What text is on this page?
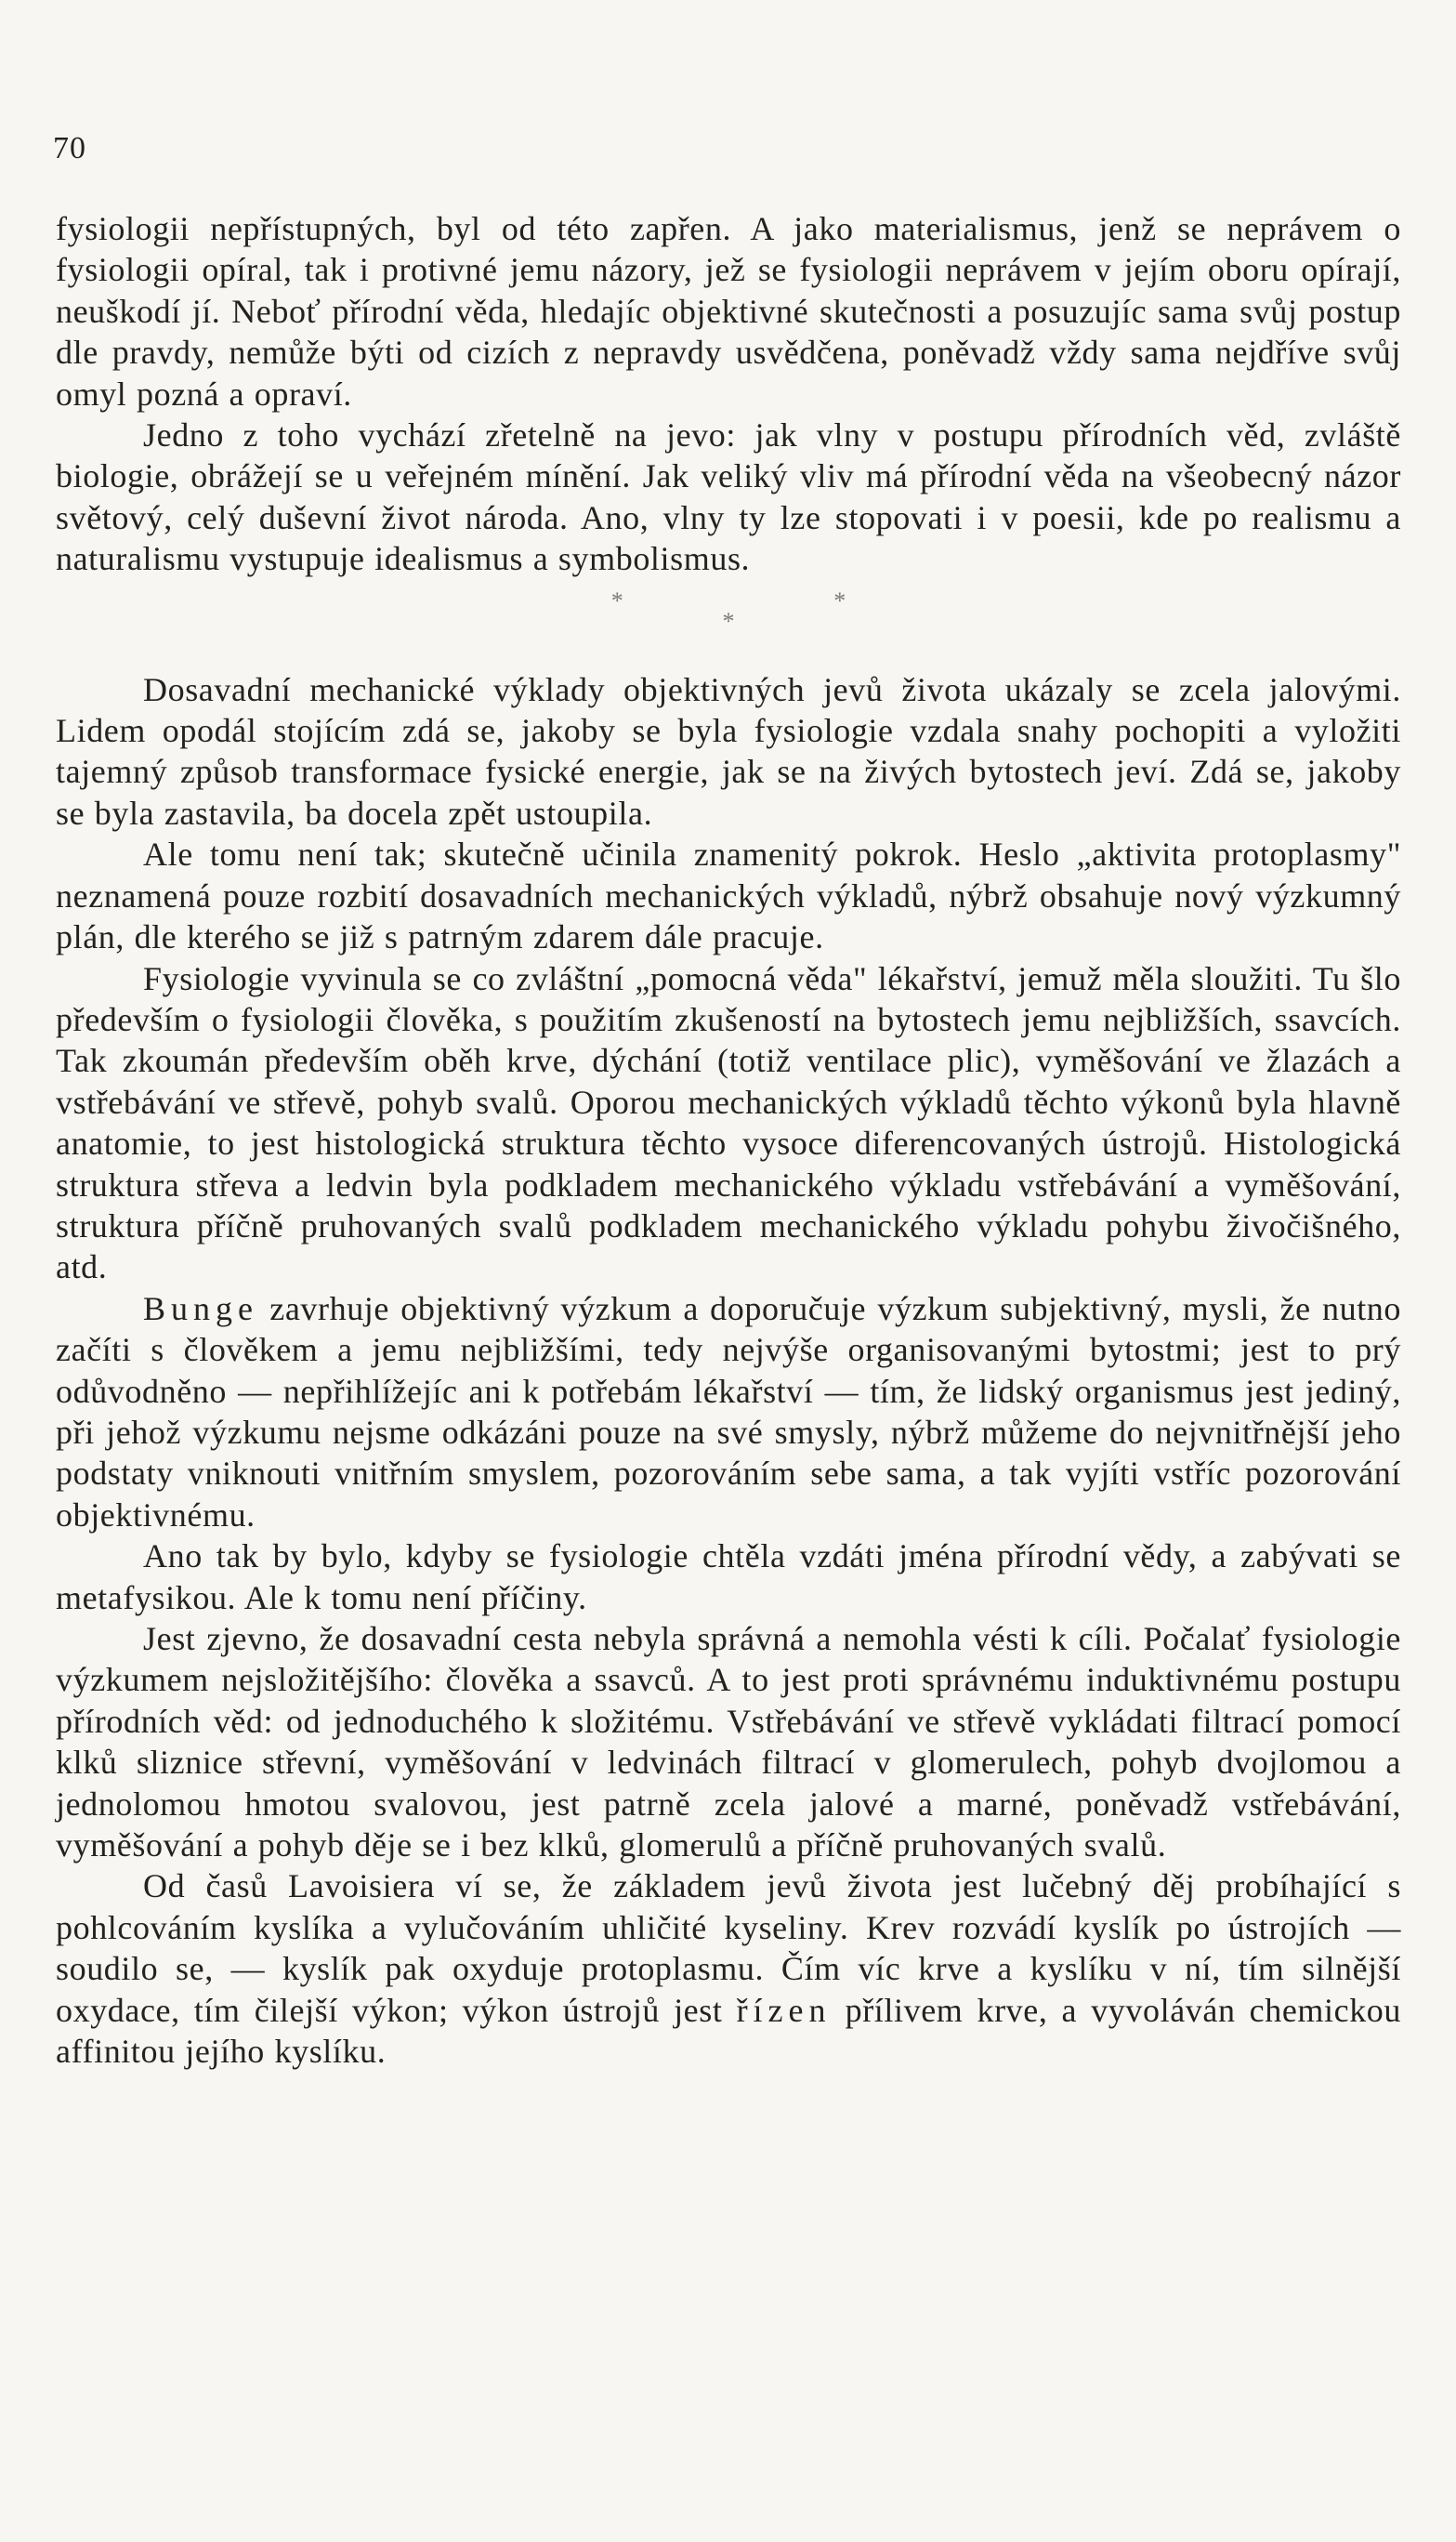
70

fysiologii nepřístupných, byl od této zapřen. A jako materialismus, jenž se neprávem o fysiologii opíral, tak i protivné jemu názory, jež se fysiologii neprávem v jejím oboru opírají, neuškodí jí. Neboť přírodní věda, hledajíc objektivné skutečnosti a posuzujíc sama svůj postup dle pravdy, nemůže býti od cizích z nepravdy usvědčena, poněvadž vždy sama nejdříve svůj omyl pozná a opraví.

Jedno z toho vychází zřetelně na jevo: jak vlny v postupu přírodních věd, zvláště biologie, obrážejí se u veřejném mínění. Jak veliký vliv má přírodní věda na všeobecný názor světový, celý duševní život národa. Ano, vlny ty lze stopovati i v poesii, kde po realismu a naturalismu vystupuje idealismus a symbolismus.

* *
*

Dosavadní mechanické výklady objektivných jevů života ukázaly se zcela jalovými. Lidem opodál stojícím zdá se, jakoby se byla fysiologie vzdala snahy pochopiti a vyložiti tajemný způsob transformace fysické energie, jak se na živých bytostech jeví. Zdá se, jakoby se byla zastavila, ba docela zpět ustoupila.

Ale tomu není tak; skutečně učinila znamenitý pokrok. Heslo „aktivita protoplasmy" neznamená pouze rozbití dosavadních mechanických výkladů, nýbrž obsahuje nový výzkumný plán, dle kterého se již s patrným zdarem dále pracuje.

Fysiologie vyvinula se co zvláštní „pomocná věda" lékařství, jemuž měla sloužiti. Tu šlo především o fysiologii člověka, s použitím zkušeností na bytostech jemu nejbližších, ssavcích. Tak zkoumán především oběh krve, dýchání (totiž ventilace plic), vyměšování ve žlazách a vstřebávání ve střevě, pohyb svalů. Oporou mechanických výkladů těchto výkonů byla hlavně anatomie, to jest histologická struktura těchto vysoce diferencovaných ústrojů. Histologická struktura střeva a ledvin byla podkladem mechanického výkladu vstřebávání a vyměšování, struktura příčně pruhovaných svalů podkladem mechanického výkladu pohybu živočišného, atd.

Bunge zavrhuje objektivný výzkum a doporučuje výzkum subjektivný, mysli, že nutno začíti s člověkem a jemu nejbližšími, tedy nejvýše organisovanými bytostmi; jest to prý odůvodněno — nepřihlížejíc ani k potřebám lékařství — tím, že lidský organismus jest jediný, při jehož výzkumu nejsme odkázáni pouze na své smysly, nýbrž můžeme do nejvnitřnější jeho podstaty vniknouti vnitřním smyslem, pozorováním sebe sama, a tak vyjíti vstříc pozorování objektivnému.

Ano tak by bylo, kdyby se fysiologie chtěla vzdáti jména přírodní vědy, a zabývati se metafysikou. Ale k tomu není příčiny.

Jest zjevno, že dosavadní cesta nebyla správná a nemohla vésti k cíli. Počalať fysiologie výzkumem nejsložitějšího: člověka a ssavců. A to jest proti správnému induktivnému postupu přírodních věd: od jednoduchého k složitému. Vstřebávání ve střevě vykládati filtrací pomocí klků sliznice střevní, vyměšování v ledvinách filtrací v glomerulech, pohyb dvojlomou a jednolomou hmotou svalovou, jest patrně zcela jalové a marné, poněvadž vstřebávání, vyměšování a pohyb děje se i bez klků, glomerulů a příčně pruhovaných svalů.

Od časů Lavoisiera ví se, že základem jevů života jest lučebný děj probíhající s pohlcováním kyslíka a vylučováním uhličité kyseliny. Krev rozvádí kyslík po ústrojích — soudilo se, — kyslík pak oxyduje protoplasmu. Čím víc krve a kyslíku v ní, tím silnější oxydace, tím čilejší výkon; výkon ústrojů jest řízen přílivem krve, a vyvoláván chemickou affinitou jejího kyslíku.
